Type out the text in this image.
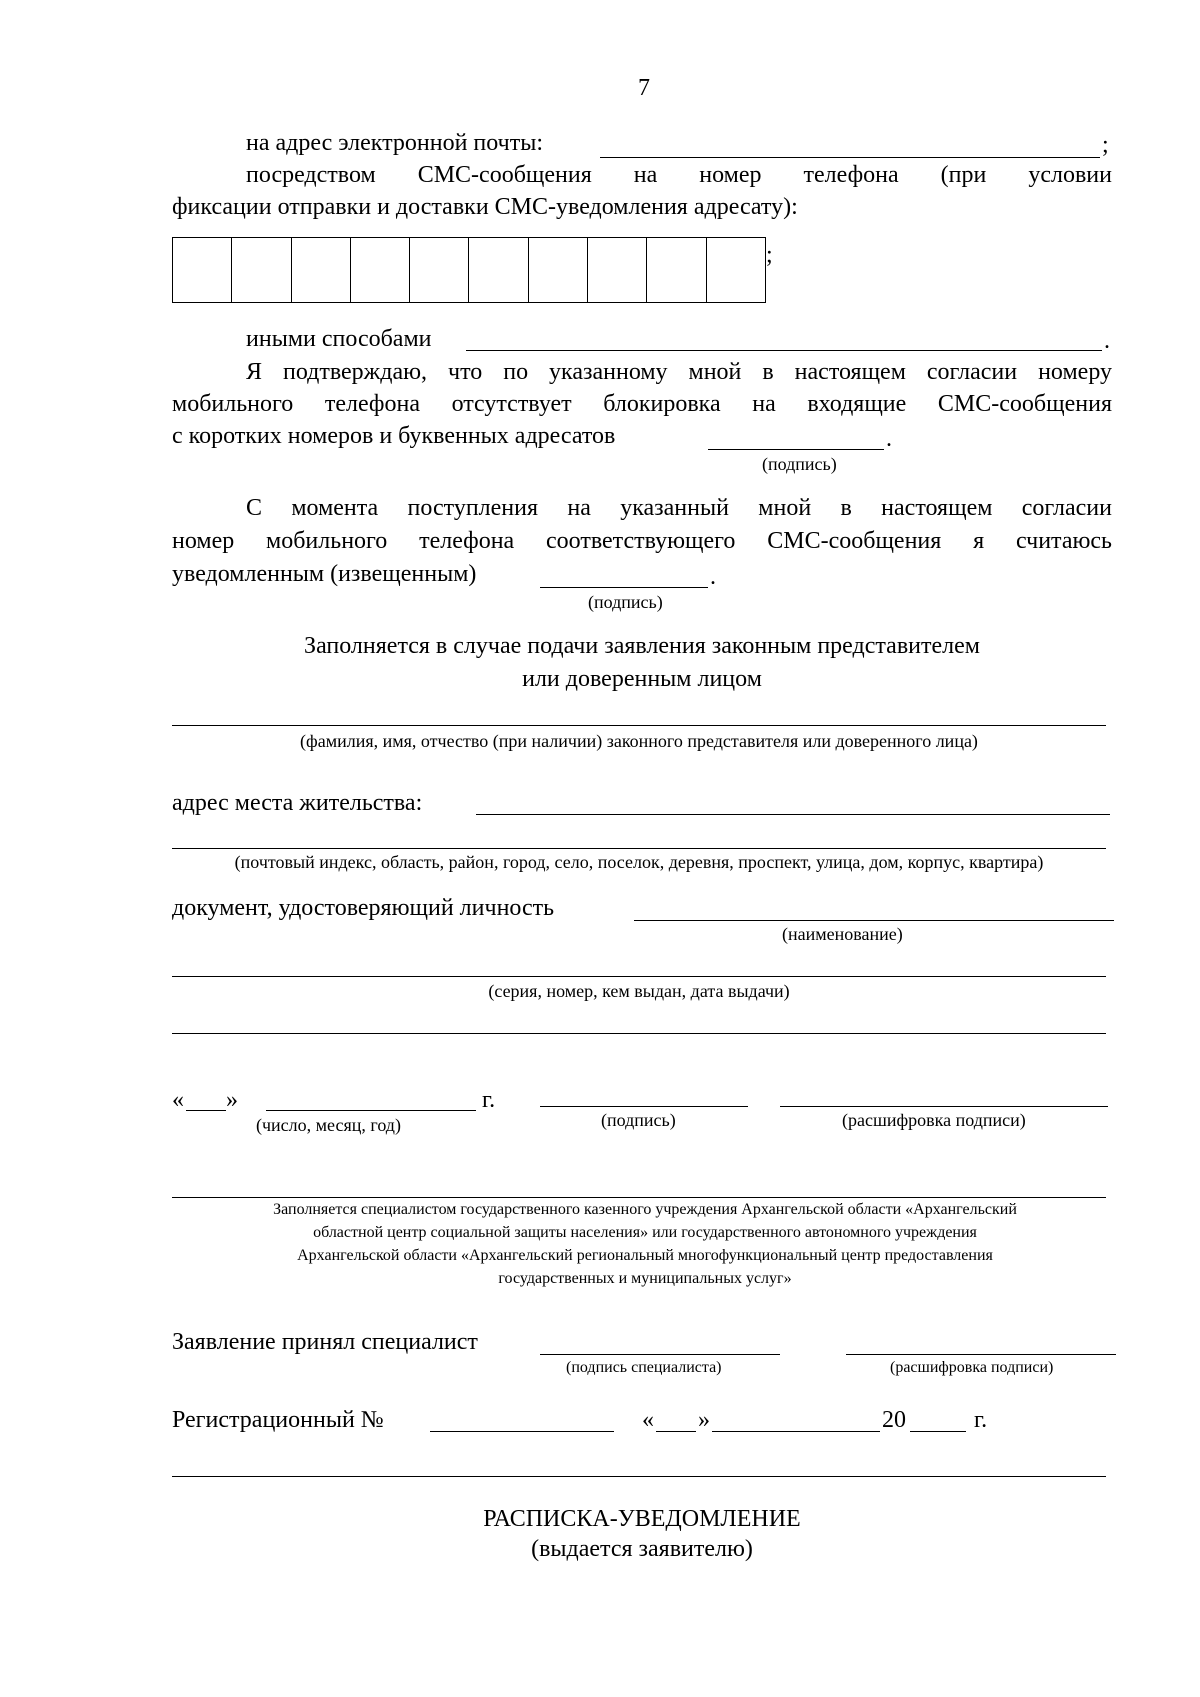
7
на адрес электронной почты:	;
посредством СМС-сообщения на номер телефона (при условии
фиксации отправки и доставки СМС-уведомления адресату):
;
иными способами	.
Я подтверждаю, что по указанному мной в настоящем согласии номеру
мобильного телефона отсутствует блокировка на входящие СМС-сообщения
с коротких номеров и буквенных адресатов	.
(подпись)
С момента поступления на указанный мной в настоящем согласии
номер мобильного телефона соответствующего СМС-сообщения я считаюсь
уведомленным (извещенным)	.
(подпись)
Заполняется в случае подачи заявления законным представителем
или доверенным лицом
(фамилия, имя, отчество (при наличии) законного представителя или доверенного лица)
адрес места жительства:
(почтовый индекс, область, район, город, село, поселок, деревня, проспект, улица, дом, корпус, квартира)
документ, удостоверяющий личность
(наименование)
(серия, номер, кем выдан, дата выдачи)
« »	г.
(число, месяц, год)	(подпись)	(расшифровка подписи)
Заполняется специалистом государственного казенного учреждения Архангельской области «Архангельский
областной центр социальной защиты населения» или государственного автономного учреждения
Архангельской области «Архангельский региональный многофункциональный центр предоставления
государственных и муниципальных услуг»
Заявление принял специалист
(подпись специалиста)	(расшифровка подписи)
Регистрационный №	« »	20	г.
РАСПИСКА-УВЕДОМЛЕНИЕ
(выдается заявителю)
